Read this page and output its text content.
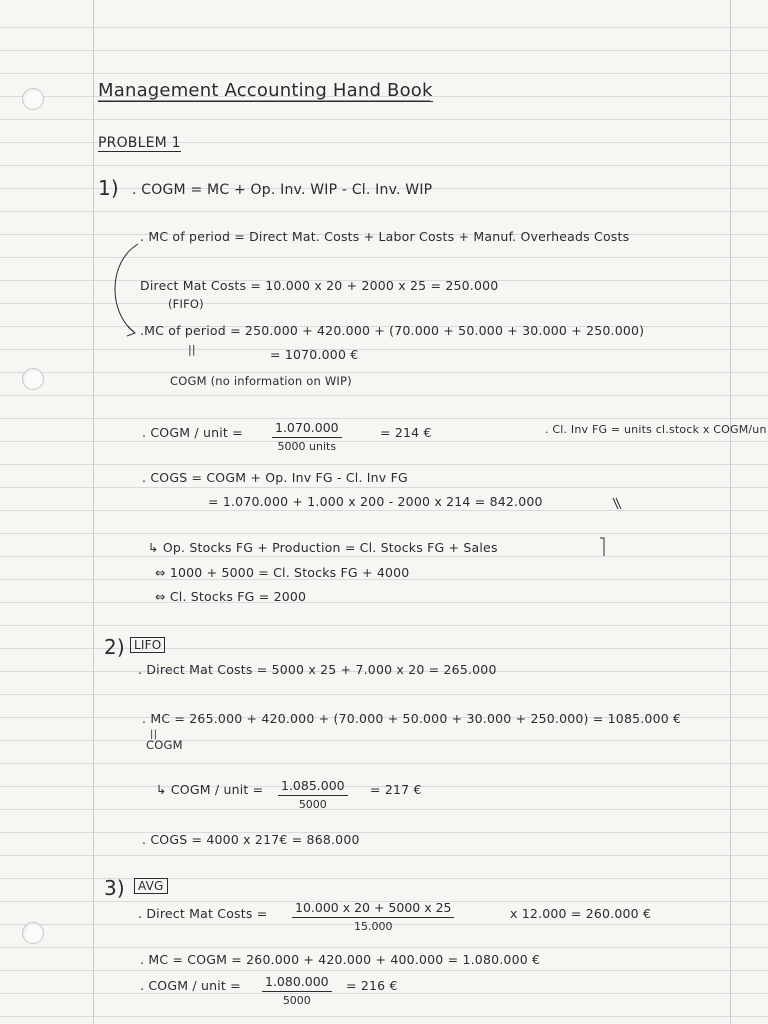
Management Accounting Hand Book
PROBLEM 1
1) . COGM = MC + Op. Inv. WIP - Cl. Inv. WIP
. MC of period = Direct Mat. Costs + Labor Costs + Manuf. Overheads Costs
Direct Mat Costs = 10.000 x 20 + 2000 x 25 = 250.000
(FIFO)
.MC of period = 250.000 + 420.000 + (70.000 + 50.000 + 30.000 + 250.000)
||	= 1070.000 €
COGM (no information on WIP)
. COGM / unit =	1.070.000
5000 units
= 214 €	. Cl. Inv FG = units cl.stock x COGM/un
. COGS = COGM + Op. Inv FG - Cl. Inv FG
= 1.070.000 + 1.000 x 200 - 2000 x 214 = 842.000
↳ Op. Stocks FG + Production = Cl. Stocks FG + Sales
⇔ 1000 + 5000 = Cl. Stocks FG + 4000
⇔ Cl. Stocks FG = 2000
2) LIFO
. Direct Mat Costs = 5000 x 25 + 7.000 x 20 = 265.000
. MC = 265.000 + 420.000 + (70.000 + 50.000 + 30.000 + 250.000) = 1085.000 €
||
COGM
↳ COGM / unit = $\frac{1.085.000}{5000} = 217$ €
. COGS = 4000 x 217€ = 868.000
3)	AVG
. Direct Mat Costs = $\frac{10.000 x 20 + 5000 x 25}{15.000}$	x 12.000 = 260.000 €
. MC = COGM = 260.000 + 420.000 + 400.000 = 1.080.000 €
. COGM / unit = $\frac{1.080.000}{5000} = 216$ €
